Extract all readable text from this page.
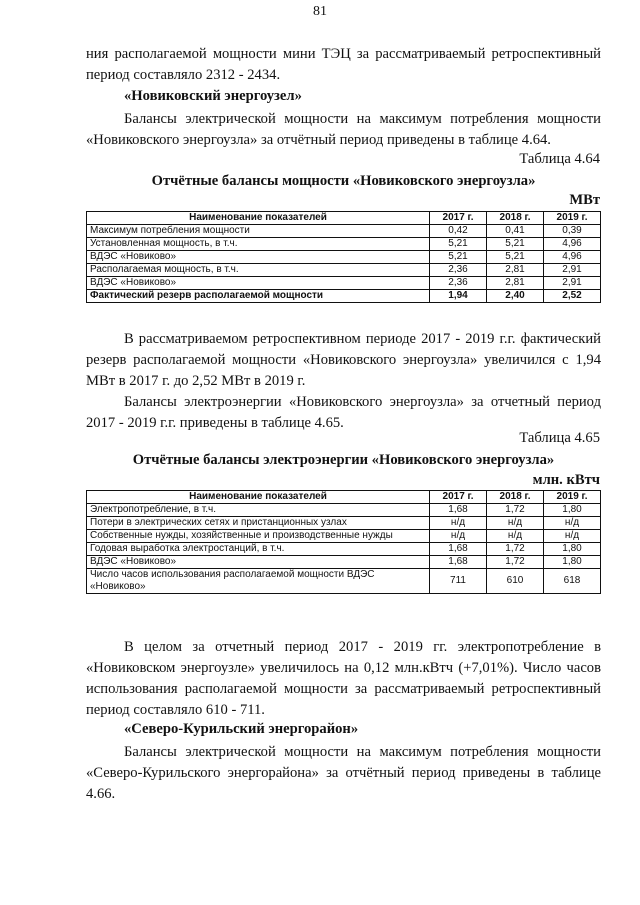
81
ния располагаемой мощности мини ТЭЦ за рассматриваемый ретроспективный период составляло 2312 - 2434.
«Новиковский энергоузел»
Балансы электрической мощности на максимум потребления мощности «Новиковского энергоузла» за отчётный период приведены в таблице 4.64.
Таблица 4.64
Отчётные балансы мощности «Новиковского энергоузла»
МВт
Наименование показателей	2017 г.	2018 г.	2019 г.
Максимум потребления мощности	0,42	0,41	0,39
Установленная мощность, в т.ч.	5,21	5,21	4,96
ВДЭС «Новиково»	5,21	5,21	4,96
Располагаемая мощность, в т.ч.	2,36	2,81	2,91
ВДЭС «Новиково»	2,36	2,81	2,91
Фактический резерв располагаемой мощности	1,94	2,40	2,52
В рассматриваемом ретроспективном периоде 2017 - 2019 г.г. фактический резерв располагаемой мощности «Новиковского энергоузла» увеличился с 1,94 МВт в 2017 г. до 2,52 МВт в 2019 г.
Балансы электроэнергии «Новиковского энергоузла» за отчетный период 2017 - 2019 г.г. приведены в таблице 4.65.
Таблица 4.65
Отчётные балансы электроэнергии «Новиковского энергоузла»
млн. кВтч
Наименование показателей	2017 г.	2018 г.	2019 г.
Электропотребление, в т.ч.	1,68	1,72	1,80
Потери в электрических сетях и пристанционных узлах	н/д	н/д	н/д
Собственные нужды, хозяйственные и производственные нужды	н/д	н/д	н/д
Годовая выработка электростанций, в т.ч.	1,68	1,72	1,80
ВДЭС «Новиково»	1,68	1,72	1,80
Число часов использования располагаемой мощности ВДЭС «Новиково»	711	610	618
В целом за отчетный период 2017 - 2019 гг. электропотребление в «Новиковском энергоузле» увеличилось на 0,12 млн.кВтч (+7,01%). Число часов использования располагаемой мощности за рассматриваемый ретроспективный период составляло 610 - 711.
«Северо-Курильский энергорайон»
Балансы электрической мощности на максимум потребления мощности «Северо-Курильского энергорайона» за отчётный период приведены в таблице 4.66.
